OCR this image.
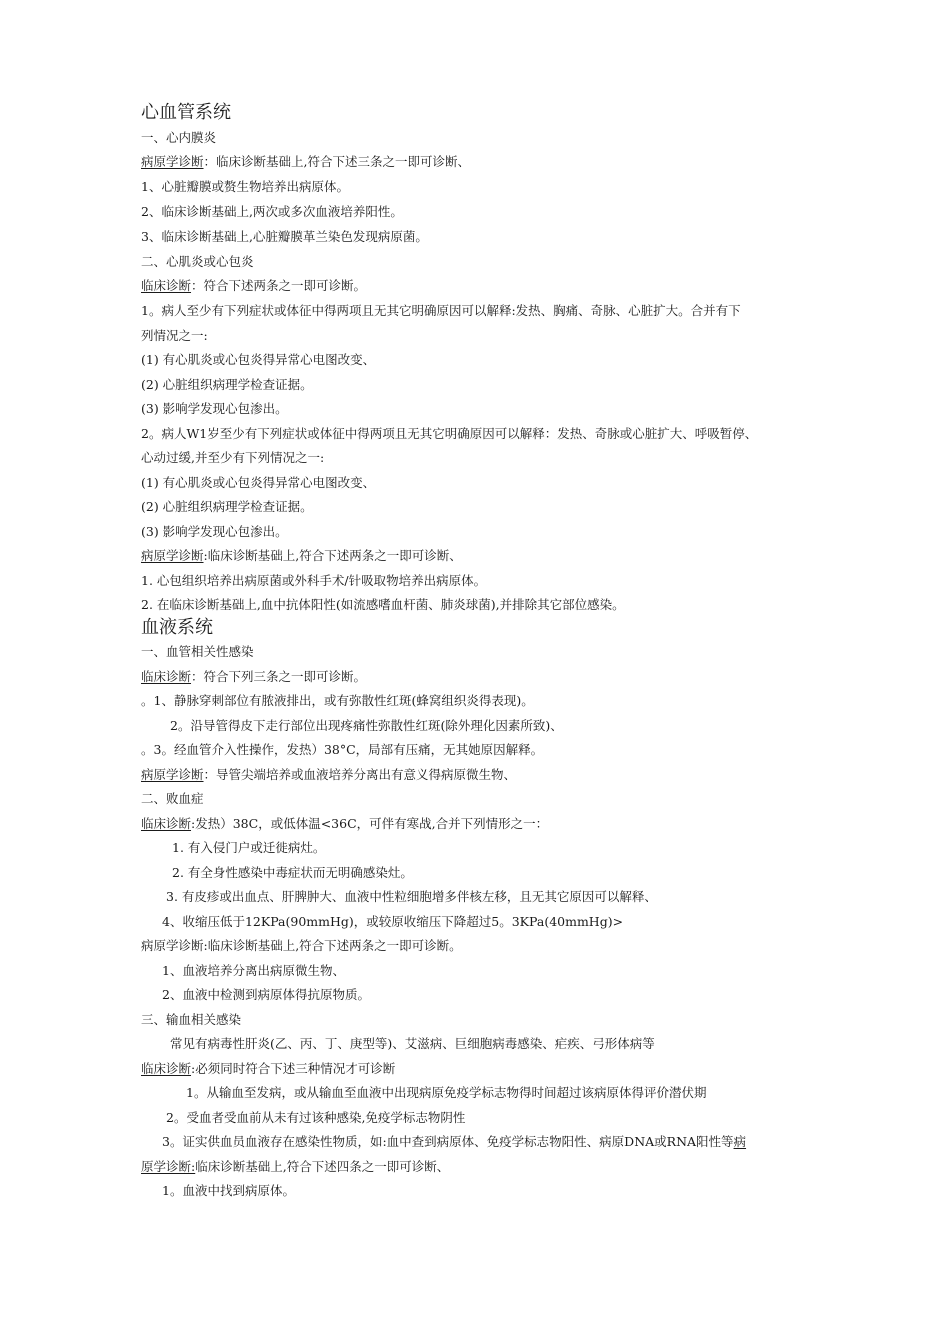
心血管系统
一、心内膜炎
病原学诊断：临床诊断基础上,符合下述三条之一即可诊断、
1、心脏瓣膜或赘生物培养出病原体。
2、临床诊断基础上,两次或多次血液培养阳性。
3、临床诊断基础上,心脏瓣膜革兰染色发现病原菌。
二、心肌炎或心包炎
临床诊断：符合下述两条之一即可诊断。
1。病人至少有下列症状或体征中得两项且无其它明确原因可以解释:发热、胸痛、奇脉、心脏扩大。合并有下
列情况之一:
(1) 有心肌炎或心包炎得异常心电图改变、
(2) 心脏组织病理学检查证据。
(3) 影响学发现心包渗出。
2。病人W1岁至少有下列症状或体征中得两项且无其它明确原因可以解释：发热、奇脉或心脏扩大、呼吸暂停、
心动过缓,并至少有下列情况之一:
(1) 有心肌炎或心包炎得异常心电图改变、
(2) 心脏组织病理学检查证据。
(3) 影响学发现心包渗出。
病原学诊断:临床诊断基础上,符合下述两条之一即可诊断、
1. 心包组织培养出病原菌或外科手术/针吸取物培养出病原体。
2. 在临床诊断基础上,血中抗体阳性(如流感嗜血杆菌、肺炎球菌),并排除其它部位感染。
血液系统
一、血管相关性感染
临床诊断：符合下列三条之一即可诊断。
。1、静脉穿刺部位有脓液排出，或有弥散性红斑(蜂窝组织炎得表现)。
2。沿导管得皮下走行部位出现疼痛性弥散性红斑(除外理化因素所致)、
。3。经血管介入性操作，发热）38°C，局部有压痛，无其她原因解释。
病原学诊断：导管尖端培养或血液培养分离出有意义得病原微生物、
二、败血症
临床诊断:发热）38C，或低体温<36C，可伴有寒战,合并下列情形之一：
1. 有入侵门户或迁徙病灶。
2. 有全身性感染中毒症状而无明确感染灶。
3. 有皮疹或出血点、肝脾肿大、血液中性粒细胞增多伴核左移，且无其它原因可以解释、
4、收缩压低于12KPa(90mmHg)，或较原收缩压下降超过5。3KPa(40mmHg)>
病原学诊断:临床诊断基础上,符合下述两条之一即可诊断。
1、血液培养分离出病原微生物、
2、血液中检测到病原体得抗原物质。
三、输血相关感染
常见有病毒性肝炎(乙、丙、丁、庚型等)、艾滋病、巨细胞病毒感染、疟疾、弓形体病等
临床诊断:必须同时符合下述三种情况才可诊断
1。从输血至发病，或从输血至血液中出现病原免疫学标志物得时间超过该病原体得评价潜伏期
2。受血者受血前从未有过该种感染,免疫学标志物阴性
3。证实供血员血液存在感染性物质，如:血中查到病原体、免疫学标志物阳性、病原DNA或RNA阳性等病
原学诊断:临床诊断基础上,符合下述四条之一即可诊断、
1。血液中找到病原体。
